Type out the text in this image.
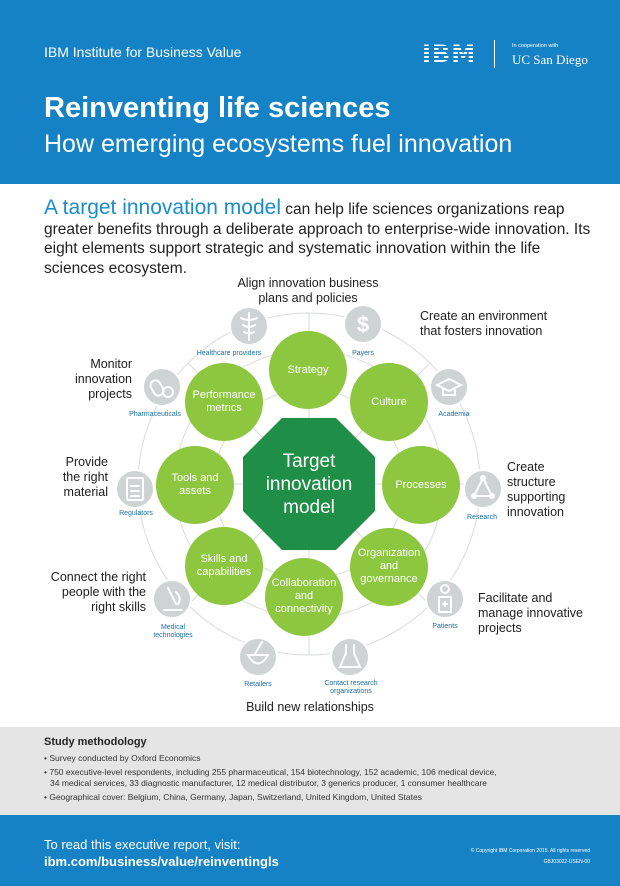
IBM Institute for Business Value	IBM	In cooperation with
UC San Diego
Reinventing life sciences
How emerging ecosystems fuel innovation
A target innovation model can help life sciences organizations reap greater benefits through a deliberate approach to enterprise-wide innovation. Its eight elements support strategic and systematic innovation within the life sciences ecosystem.
$
Strategy
Culture
Processes
Organization and governance
Collaboration and connectivity
Skills and capabilities
Tools and assets
Performance metrics
Target innovation model
Healthcare providers	Payers
Academia
Research
Patients
Contact research organizations
Retailers
Medical technologies
Regulators
Pharmaceuticals
Align innovation business plans and policies
Create an environment that fosters innovation
Create structure supporting innovation
Facilitate and manage innovative projects
Build new relationships
Connect the right people with the right skills
Provide the right material
Monitor innovation projects
Study methodology
• Survey conducted by Oxford Economics
• 750 executive-level respondents, including 255 pharmaceutical, 154 biotechnology, 152 academic, 106 medical device,
34 medical services, 33 diagnostic manufacturer, 12 medical distributor, 3 generics producer, 1 consumer healthcare
• Geographical cover: Belgium, China, Germany, Japan, Switzerland, United Kingdom, United States
To read this executive report, visit:
ibm.com/business/value/reinventingls
© Copyright IBM Corporation 2015. All rights reserved
GBJ03022-USEN-00
